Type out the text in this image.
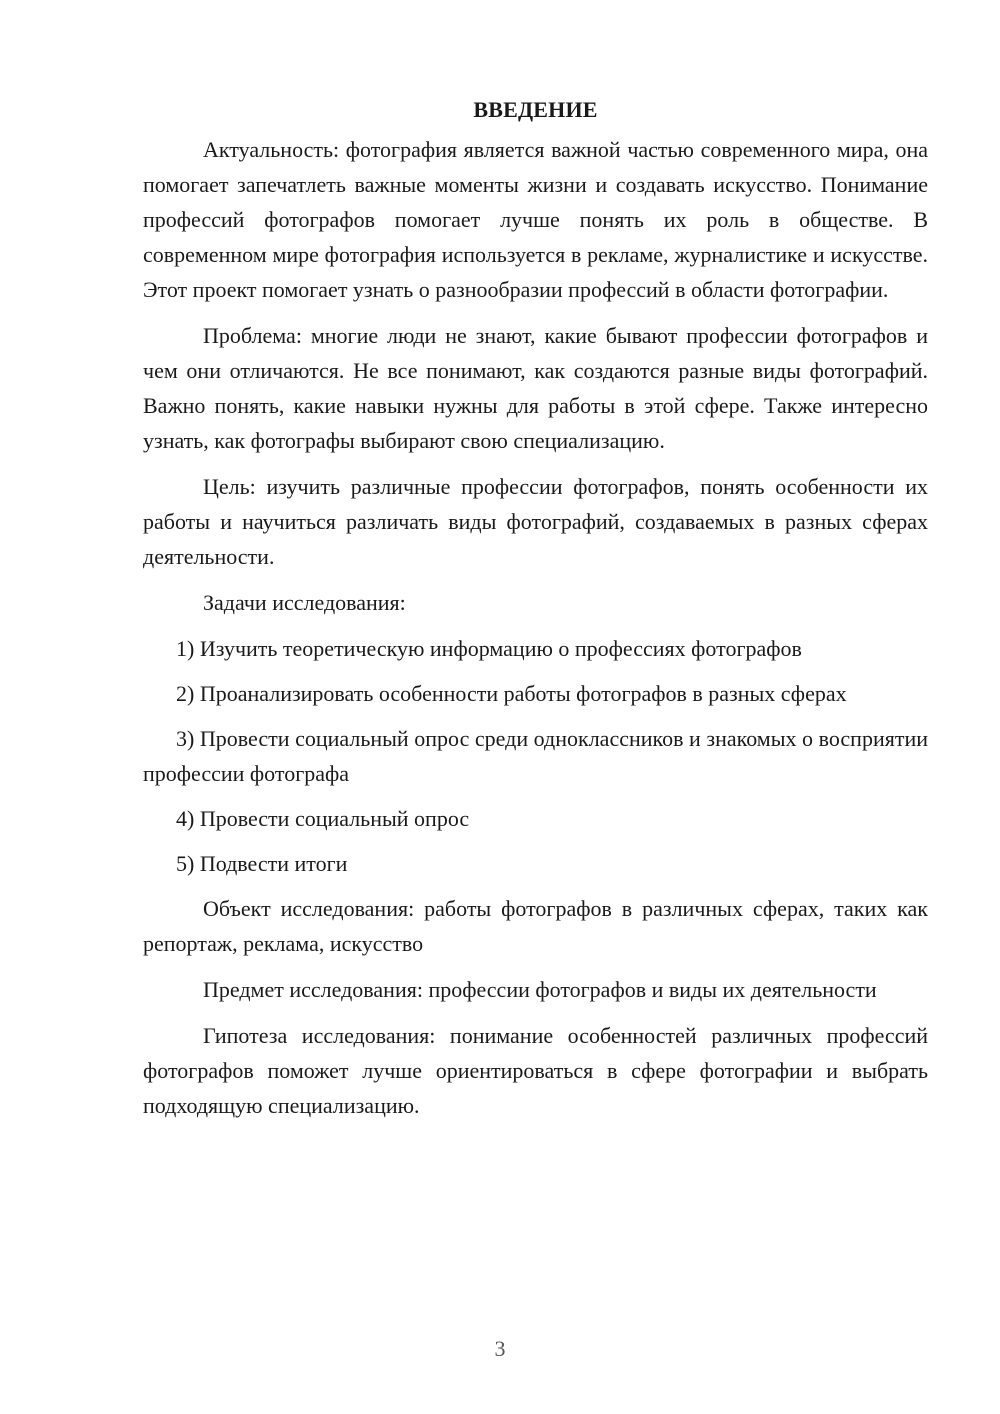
ВВЕДЕНИЕ

Актуальность: фотография является важной частью современного мира, она помогает запечатлеть важные моменты жизни и создавать искусство. Понимание профессий фотографов помогает лучше понять их роль в обществе. В современном мире фотография используется в рекламе, журналистике и искусстве. Этот проект помогает узнать о разнообразии профессий в области фотографии.

Проблема: многие люди не знают, какие бывают профессии фотографов и чем они отличаются. Не все понимают, как создаются разные виды фотографий. Важно понять, какие навыки нужны для работы в этой сфере. Также интересно узнать, как фотографы выбирают свою специализацию.

Цель: изучить различные профессии фотографов, понять особенности их работы и научиться различать виды фотографий, создаваемых в разных сферах деятельности.

Задачи исследования:

1) Изучить теоретическую информацию о профессиях фотографов

2) Проанализировать особенности работы фотографов в разных сферах

3) Провести социальный опрос среди одноклассников и знакомых о восприятии профессии фотографа

4) Провести социальный опрос

5) Подвести итоги

Объект исследования: работы фотографов в различных сферах, таких как репортаж, реклама, искусство

Предмет исследования: профессии фотографов и виды их деятельности

Гипотеза исследования: понимание особенностей различных профессий фотографов поможет лучше ориентироваться в сфере фотографии и выбрать подходящую специализацию.

3
